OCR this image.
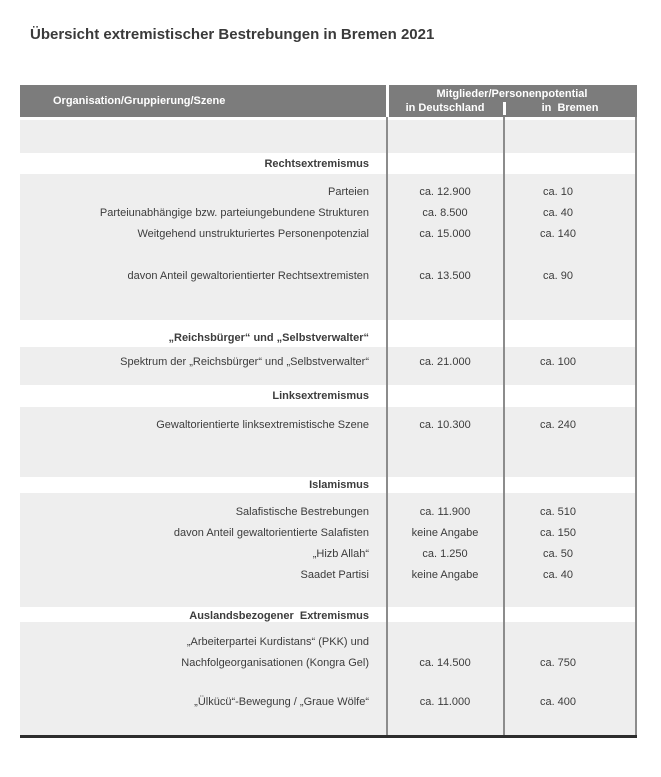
Übersicht extremistischer Bestrebungen in Bremen 2021
Organisation/Gruppierung/Szene
Mitglieder/Personenpotential
in Deutschland	in  Bremen
Rechtsextremismus
Parteien	ca. 12.900	ca. 10
Parteiunabhängige bzw. parteiungebundene Strukturen	ca. 8.500	ca. 40
Weitgehend unstrukturiertes Personenpotenzial	ca. 15.000	ca. 140
davon Anteil gewaltorientierter Rechtsextremisten	ca. 13.500	ca. 90
„Reichsbürger“ und „Selbstverwalter“
Spektrum der „Reichsbürger“ und „Selbstverwalter“	ca. 21.000	ca. 100
Linksextremismus
Gewaltorientierte linksextremistische Szene	ca. 10.300	ca. 240
Islamismus
Salafistische Bestrebungen	ca. 11.900	ca. 510
davon Anteil gewaltorientierte Salafisten	keine Angabe	ca. 150
„Hizb Allah“	ca. 1.250	ca. 50
Saadet Partisi	keine Angabe	ca. 40
Auslandsbezogener  Extremismus
„Arbeiterpartei Kurdistans“ (PKK) und
Nachfolgeorganisationen (Kongra Gel)	ca. 14.500	ca. 750
„Ülkücü“-Bewegung / „Graue Wölfe“	ca. 11.000	ca. 400
